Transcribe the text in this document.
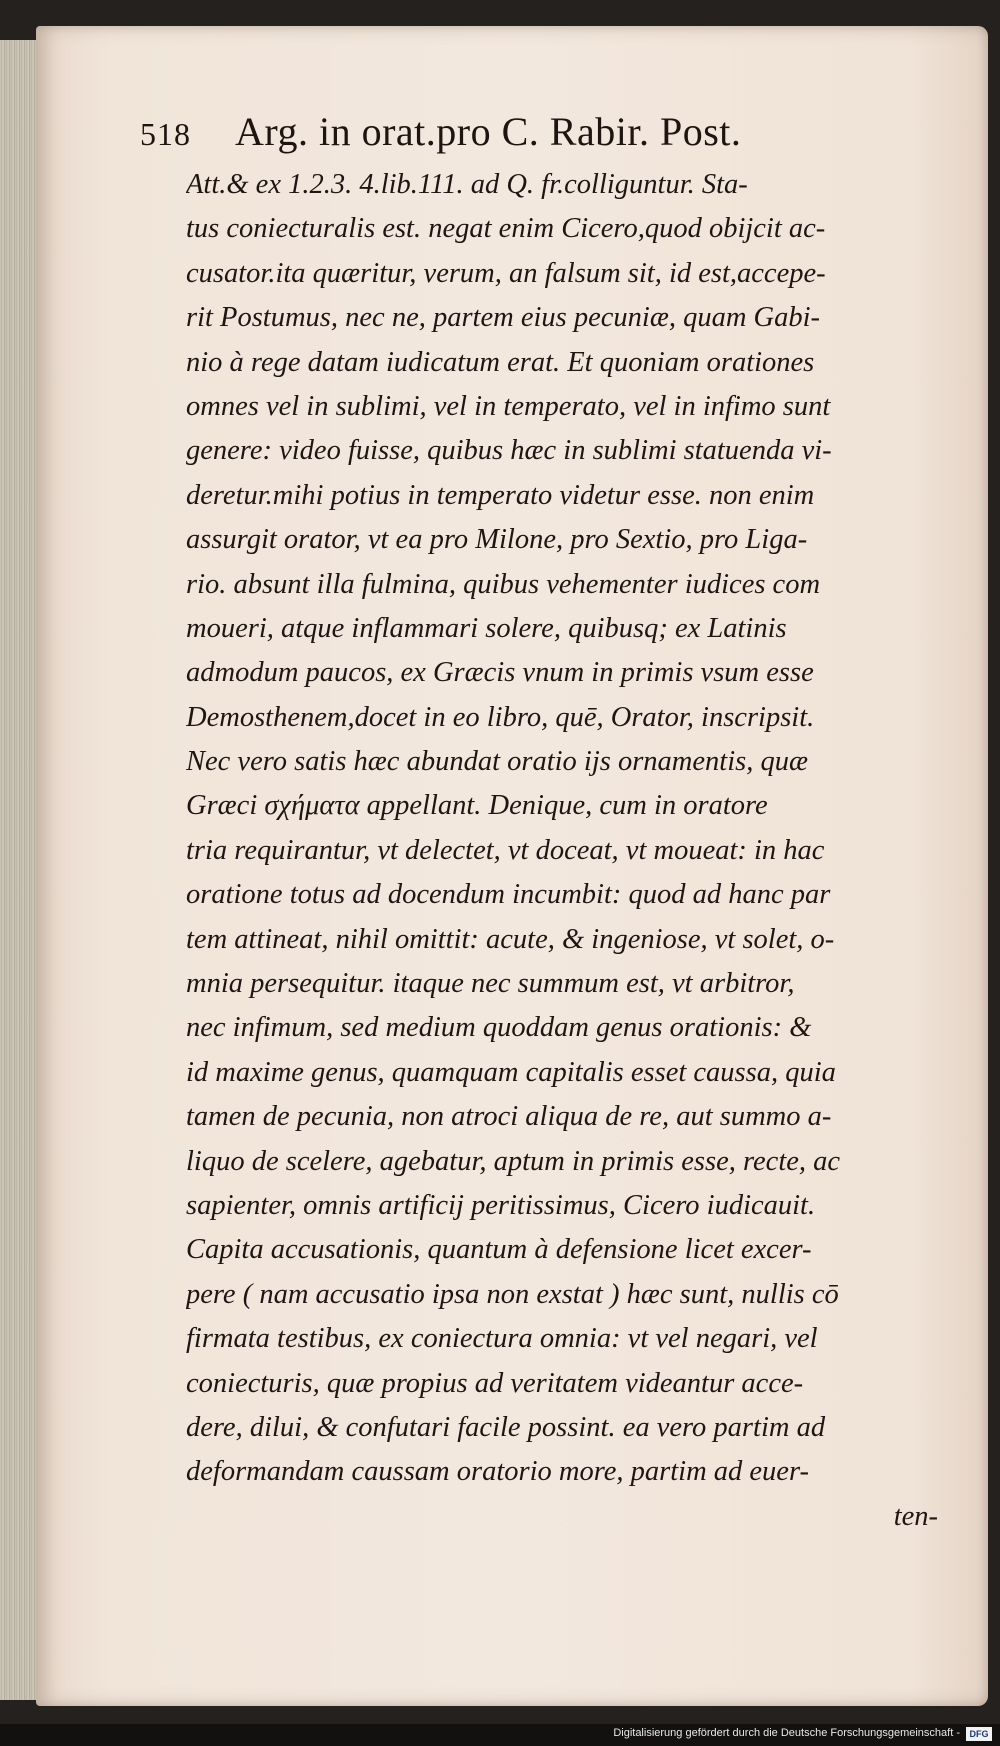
518 Arg. in orat.pro C. Rabir. Post.
Att.& ex 1.2.3. 4.lib.111. ad Q. fr.colliguntur. Sta-
tus coniecturalis est. negat enim Cicero,quod obijcit ac-
cusator.ita quæritur, verum, an falsum sit, id est,accepe-
rit Postumus, nec ne, partem eius pecuniæ, quam Gabi-
nio à rege datam iudicatum erat. Et quoniam orationes
omnes vel in sublimi, vel in temperato, vel in infimo sunt
genere: video fuisse, quibus hæc in sublimi statuenda vi-
deretur.mihi potius in temperato videtur esse. non enim
assurgit orator, vt ea pro Milone, pro Sextio, pro Liga-
rio. absunt illa fulmina, quibus vehementer iudices com
moueri, atque inflammari solere, quibusq; ex Latinis
admodum paucos, ex Græcis vnum in primis vsum esse
Demosthenem,docet in eo libro, quē, Orator, inscripsit.
Nec vero satis hæc abundat oratio ijs ornamentis, quæ
Græci σχήματα appellant. Denique, cum in oratore
tria requirantur, vt delectet, vt doceat, vt moueat: in hac
oratione totus ad docendum incumbit: quod ad hanc par
tem attineat, nihil omittit: acute, & ingeniose, vt solet, o-
mnia persequitur. itaque nec summum est, vt arbitror,
nec infimum, sed medium quoddam genus orationis: &
id maxime genus, quamquam capitalis esset caussa, quia
tamen de pecunia, non atroci aliqua de re, aut summo a-
liquo de scelere, agebatur, aptum in primis esse, recte, ac
sapienter, omnis artificij peritissimus, Cicero iudicauit.
Capita accusationis, quantum à defensione licet excer-
pere ( nam accusatio ipsa non exstat ) hæc sunt, nullis cō
firmata testibus, ex coniectura omnia: vt vel negari, vel
coniecturis, quæ propius ad veritatem videantur acce-
dere, dilui, & confutari facile possint. ea vero partim ad
deformandam caussam oratorio more, partim ad euer-
ten-
Digitalisierung gefördert durch die Deutsche Forschungsgemeinschaft -	DFG
